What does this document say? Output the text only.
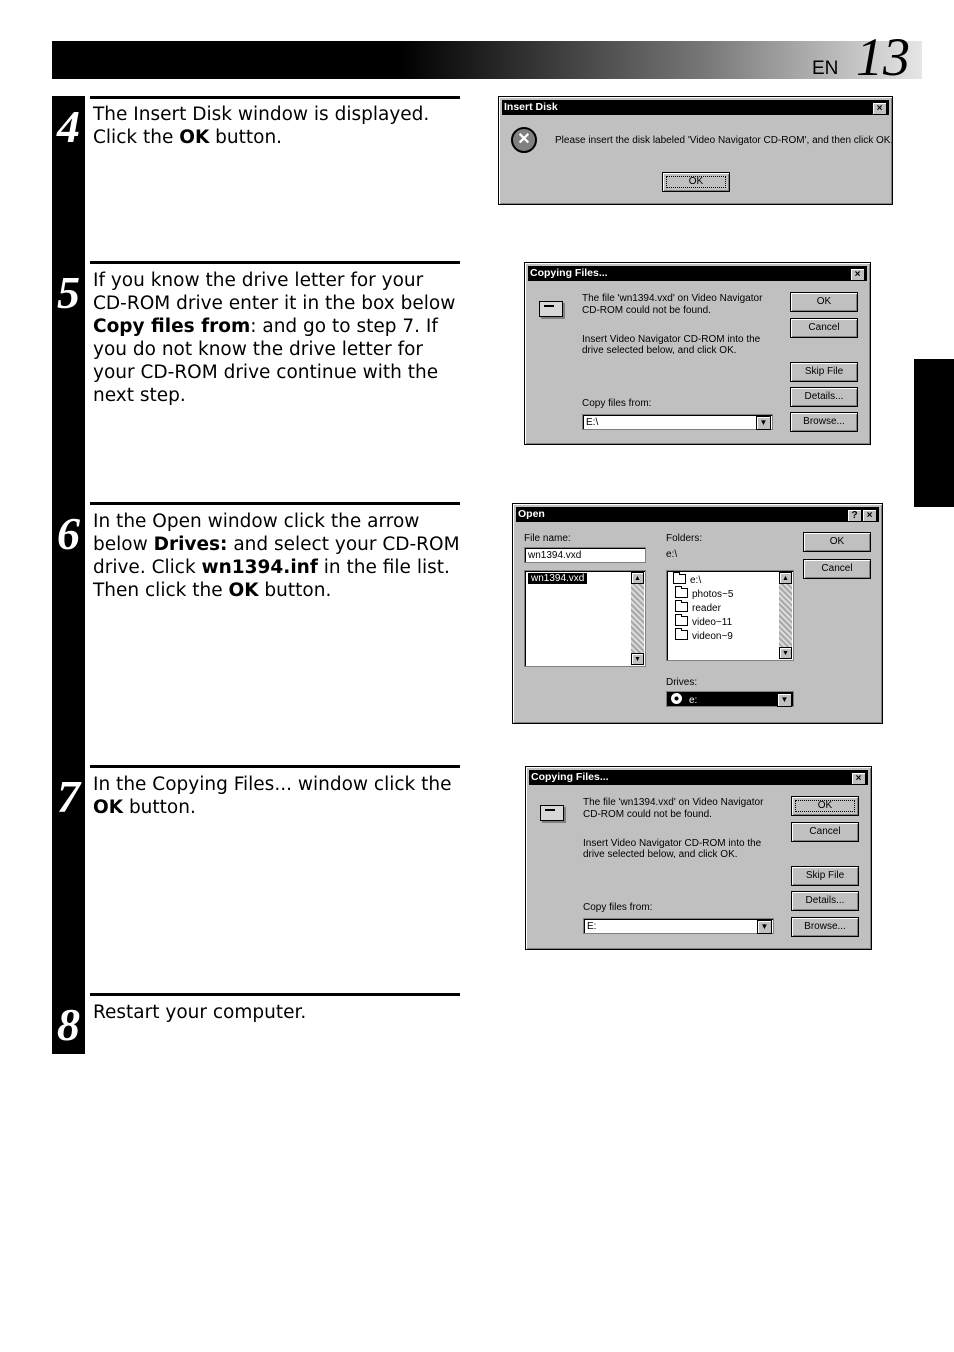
EN 13
4 The Insert Disk window is displayed. Click the OK button.
5 If you know the drive letter for your CD-ROM drive enter it in the box below Copy files from: and go to step 7. If you do not know the drive letter for your CD-ROM drive continue with the next step.
6 In the Open window click the arrow below Drives: and select your CD-ROM drive. Click wn1394.inf in the file list. Then click the OK button.
7 In the Copying Files... window click the OK button.
8 Restart your computer.
Insert Disk	×
✕	Please insert the disk labeled 'Video Navigator CD-ROM', and then click OK.
OK
Copying Files...	×
The file 'wn1394.vxd' on Video Navigator
CD-ROM could not be found.
Insert Video Navigator CD-ROM into the
drive selected below, and click OK.
OK
Cancel
Skip File
Details...
Browse...
Copy files from:
E:\	▼
Open	? ×
File name:
wn1394.vxd
wn1394.vxd	▲
▼
Folders:
e:\
e:\
photos~5
reader
video~11
videon~9
▲
▼
Drives:
e:	▼
OK
Cancel
Copying Files...	×
The file 'wn1394.vxd' on Video Navigator
CD-ROM could not be found.
Insert Video Navigator CD-ROM into the
drive selected below, and click OK.
OK
Cancel
Skip File
Details...
Browse...
Copy files from:
E:	▼
